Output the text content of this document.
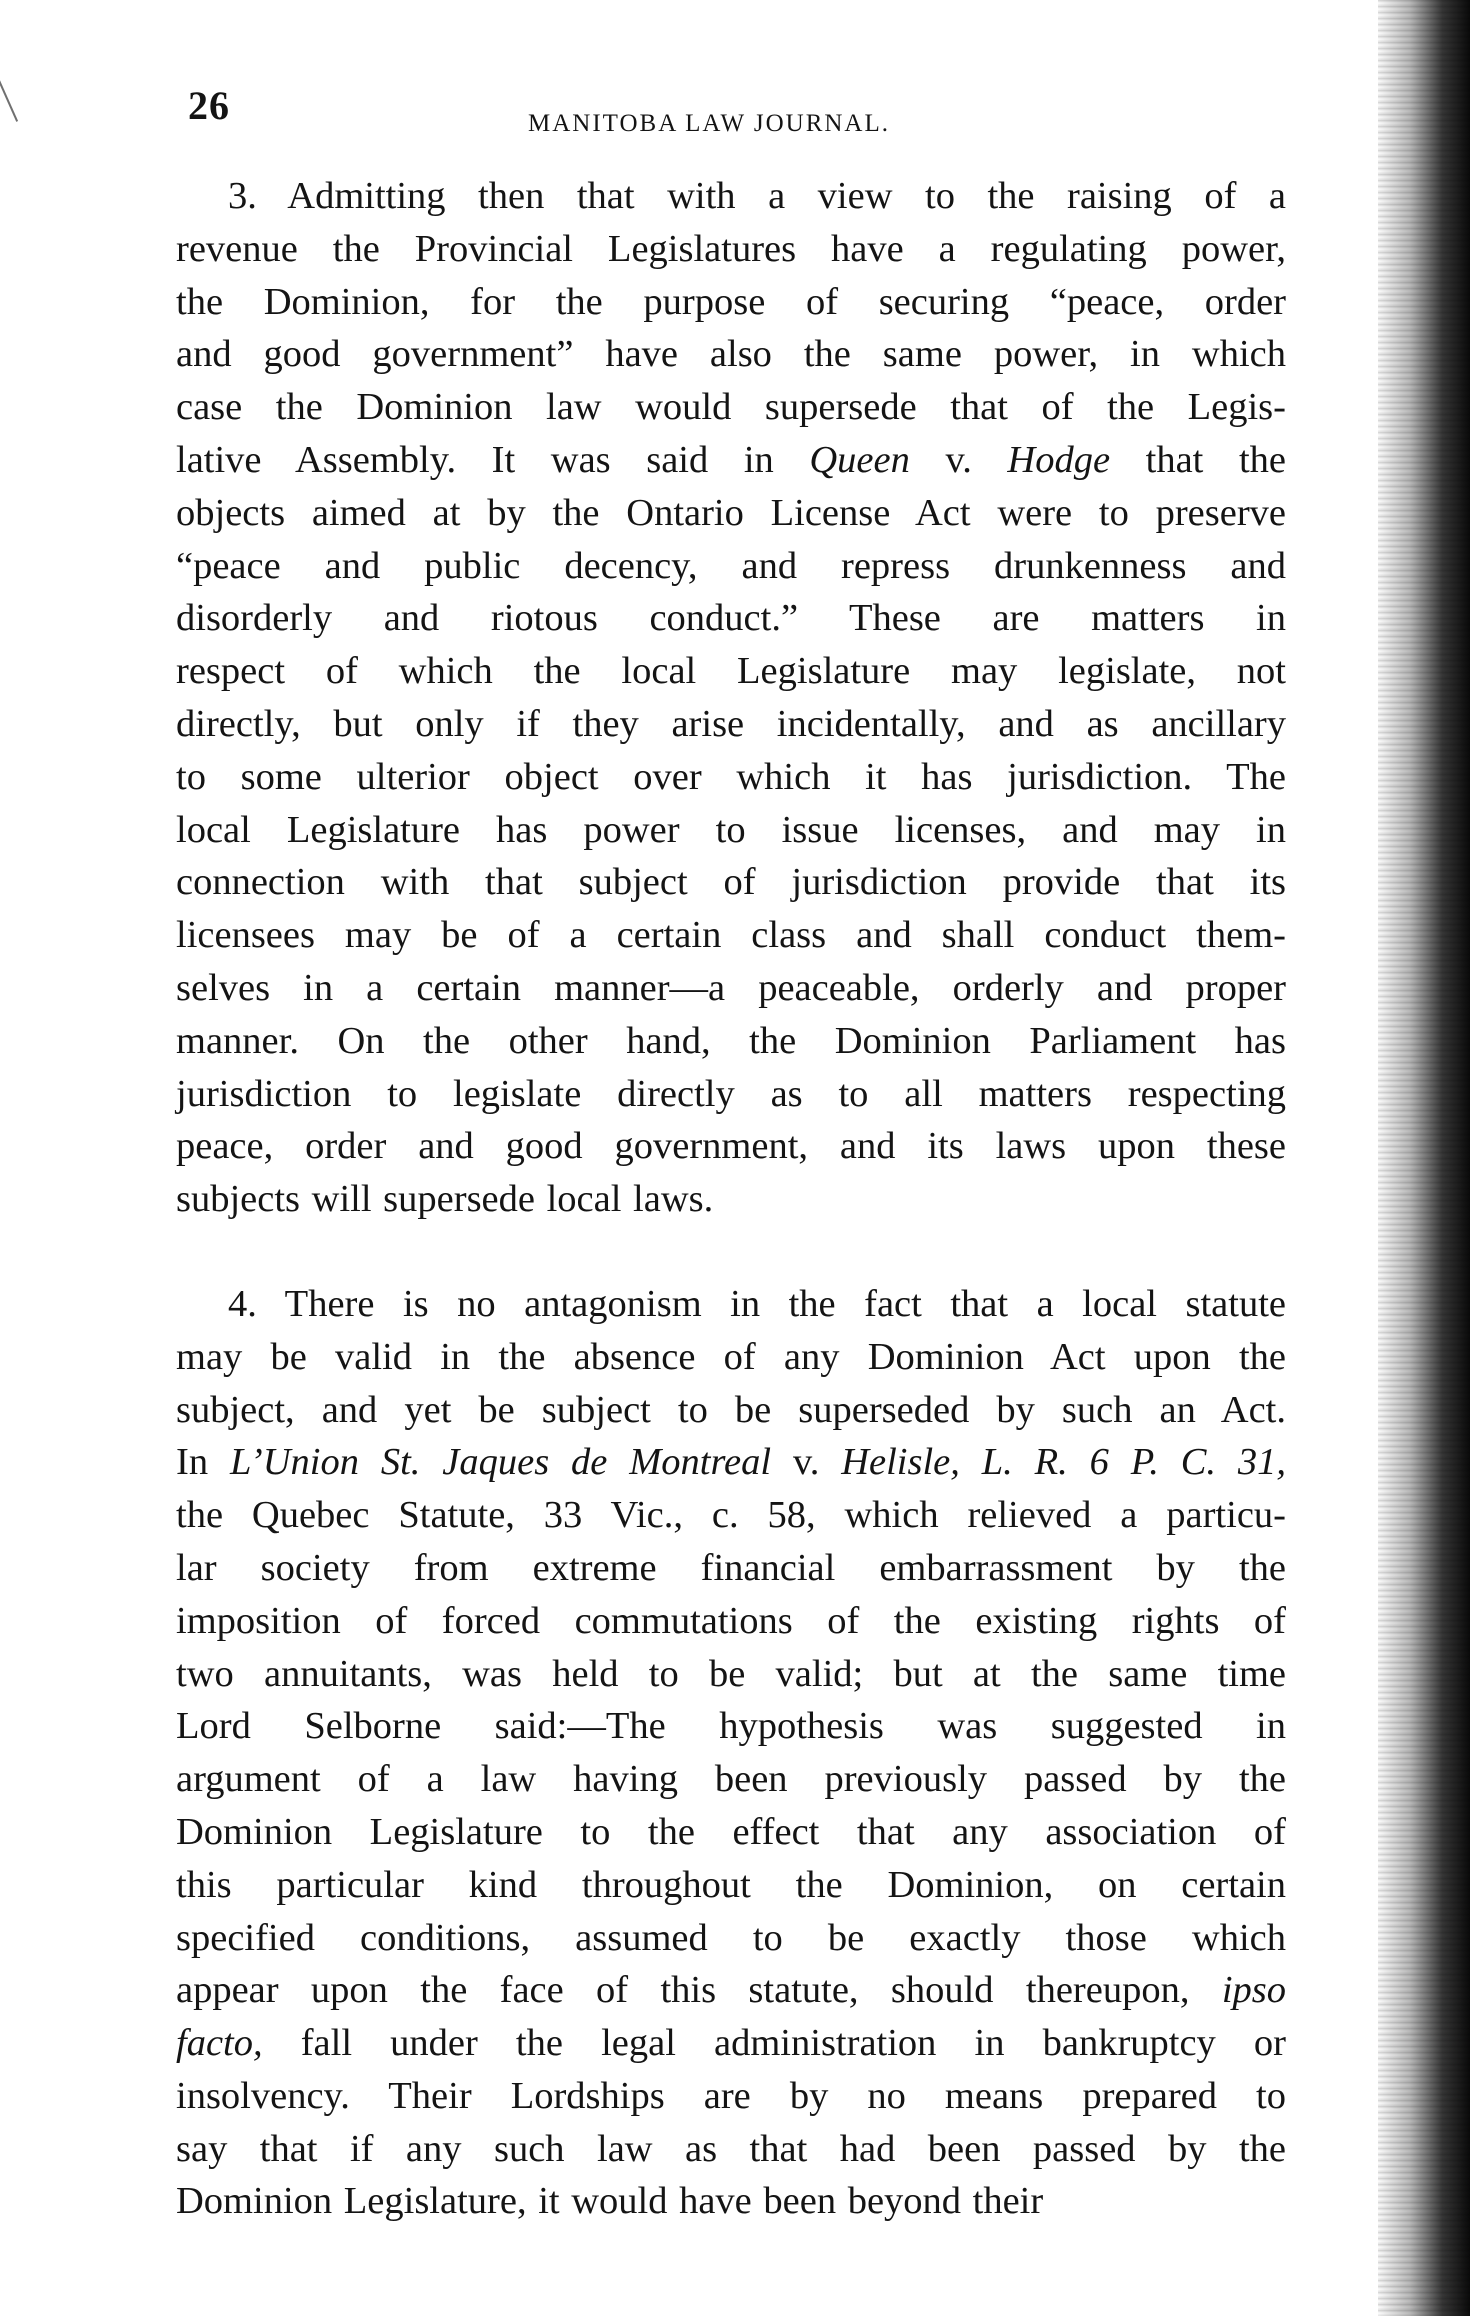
26	MANITOBA LAW JOURNAL.

3. Admitting then that with a view to the raising of a
revenue the Provincial Legislatures have a regulating power,
the Dominion, for the purpose of securing “peace, order
and good government” have also the same power, in which
case the Dominion law would supersede that of the Legis-
lative Assembly. It was said in Queen v. Hodge that the
objects aimed at by the Ontario License Act were to preserve
“peace and public decency, and repress drunkenness and
disorderly and riotous conduct.” These are matters in
respect of which the local Legislature may legislate, not
directly, but only if they arise incidentally, and as ancillary
to some ulterior object over which it has jurisdiction. The
local Legislature has power to issue licenses, and may in
connection with that subject of jurisdiction provide that its
licensees may be of a certain class and shall conduct them-
selves in a certain manner—a peaceable, orderly and proper
manner. On the other hand, the Dominion Parliament has
jurisdiction to legislate directly as to all matters respecting
peace, order and good government, and its laws upon these
subjects will supersede local laws.

4. There is no antagonism in the fact that a local statute
may be valid in the absence of any Dominion Act upon the
subject, and yet be subject to be superseded by such an Act.
In L’Union St. Jaques de Montreal v. Helisle, L. R. 6 P. C. 31,
the Quebec Statute, 33 Vic., c. 58, which relieved a particu-
lar society from extreme financial embarrassment by the
imposition of forced commutations of the existing rights of
two annuitants, was held to be valid; but at the same time
Lord Selborne said:—The hypothesis was suggested in
argument of a law having been previously passed by the
Dominion Legislature to the effect that any association of
this particular kind throughout the Dominion, on certain
specified conditions, assumed to be exactly those which
appear upon the face of this statute, should thereupon, ipso
facto, fall under the legal administration in bankruptcy or
insolvency. Their Lordships are by no means prepared to
say that if any such law as that had been passed by the
Dominion Legislature, it would have been beyond their
